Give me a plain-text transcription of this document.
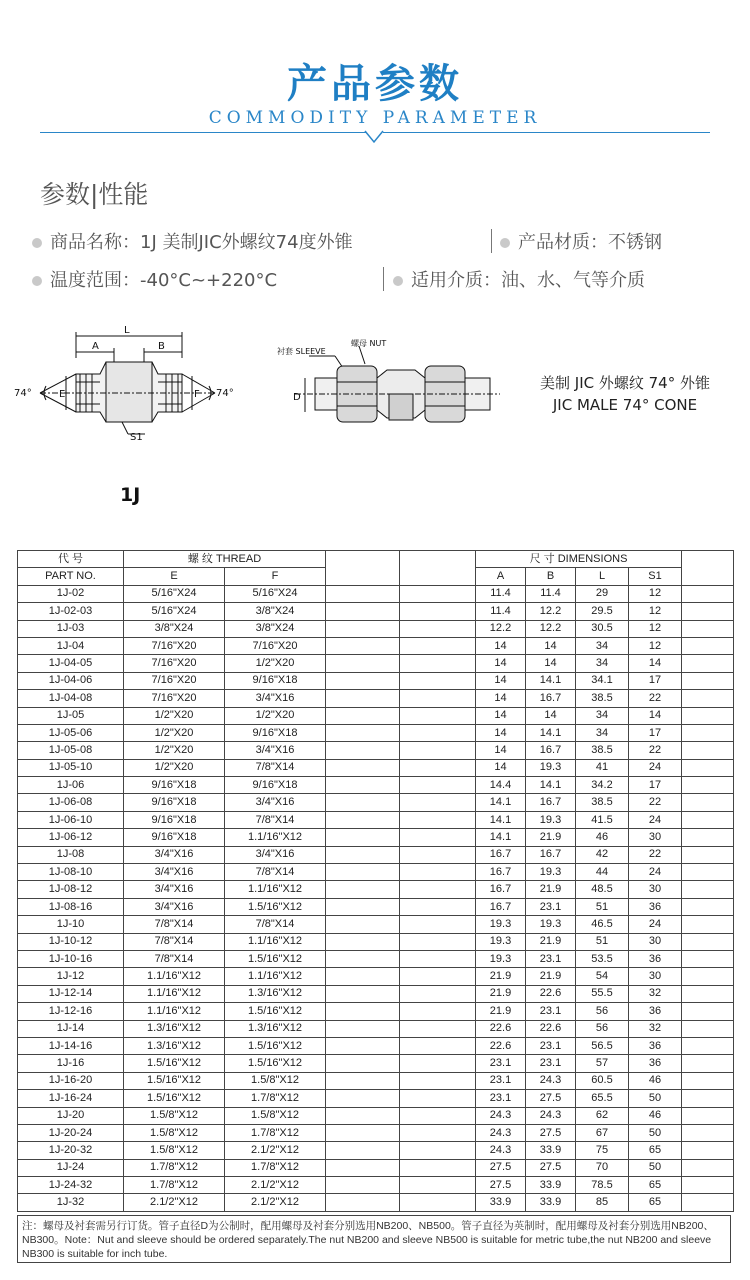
产品参数
COMMODITY PARAMETER
参数|性能
商品名称：1J 美制JIC外螺纹74度外锥	产品材质：不锈钢
温度范围：-40°C~+220°C	适用介质：油、水、气等介质
L
A	B
E	F
74°	74°
S1
衬套 SLEEVE
螺母 NUT
D
美制 JIC 外螺纹 74° 外锥
JIC MALE 74° CONE
1J
代 号	螺 纹 THREAD				尺 寸 DIMENSIONS				
PART NO.	E	F			A	B	L	S1	
1J-02	5/16"X24	5/16"X24			11.4	11.4	29	12	
1J-02-03	5/16"X24	3/8"X24			11.4	12.2	29.5	12	
1J-03	3/8"X24	3/8"X24			12.2	12.2	30.5	12	
1J-04	7/16"X20	7/16"X20			14	14	34	12	
1J-04-05	7/16"X20	1/2"X20			14	14	34	14	
1J-04-06	7/16"X20	9/16"X18			14	14.1	34.1	17	
1J-04-08	7/16"X20	3/4"X16			14	16.7	38.5	22	
1J-05	1/2"X20	1/2"X20			14	14	34	14	
1J-05-06	1/2"X20	9/16"X18			14	14.1	34	17	
1J-05-08	1/2"X20	3/4"X16			14	16.7	38.5	22	
1J-05-10	1/2"X20	7/8"X14			14	19.3	41	24	
1J-06	9/16"X18	9/16"X18			14.4	14.1	34.2	17	
1J-06-08	9/16"X18	3/4"X16			14.1	16.7	38.5	22	
1J-06-10	9/16"X18	7/8"X14			14.1	19.3	41.5	24	
1J-06-12	9/16"X18	1.1/16"X12			14.1	21.9	46	30	
1J-08	3/4"X16	3/4"X16			16.7	16.7	42	22	
1J-08-10	3/4"X16	7/8"X14			16.7	19.3	44	24	
1J-08-12	3/4"X16	1.1/16"X12			16.7	21.9	48.5	30	
1J-08-16	3/4"X16	1.5/16"X12			16.7	23.1	51	36	
1J-10	7/8"X14	7/8"X14			19.3	19.3	46.5	24	
1J-10-12	7/8"X14	1.1/16"X12			19.3	21.9	51	30	
1J-10-16	7/8"X14	1.5/16"X12			19.3	23.1	53.5	36	
1J-12	1.1/16"X12	1.1/16"X12			21.9	21.9	54	30	
1J-12-14	1.1/16"X12	1.3/16"X12			21.9	22.6	55.5	32	
1J-12-16	1.1/16"X12	1.5/16"X12			21.9	23.1	56	36	
1J-14	1.3/16"X12	1.3/16"X12			22.6	22.6	56	32	
1J-14-16	1.3/16"X12	1.5/16"X12			22.6	23.1	56.5	36	
1J-16	1.5/16"X12	1.5/16"X12			23.1	23.1	57	36	
1J-16-20	1.5/16"X12	1.5/8"X12			23.1	24.3	60.5	46	
1J-16-24	1.5/16"X12	1.7/8"X12			23.1	27.5	65.5	50	
1J-20	1.5/8"X12	1.5/8"X12			24.3	24.3	62	46	
1J-20-24	1.5/8"X12	1.7/8"X12			24.3	27.5	67	50	
1J-20-32	1.5/8"X12	2.1/2"X12			24.3	33.9	75	65	
1J-24	1.7/8"X12	1.7/8"X12			27.5	27.5	70	50	
1J-24-32	1.7/8"X12	2.1/2"X12			27.5	33.9	78.5	65	
1J-32	2.1/2"X12	2.1/2"X12			33.9	33.9	85	65	
注：螺母及衬套需另行订货。管子直径D为公制时，配用螺母及衬套分别选用NB200、NB500。管子直径为英制时，配用螺母及衬套分别选用NB200、NB300。Note：Nut and sleeve should be ordered separately.The nut NB200 and sleeve NB500 is suitable for metric tube,the nut NB200 and sleeve NB300 is suitable for inch tube.
